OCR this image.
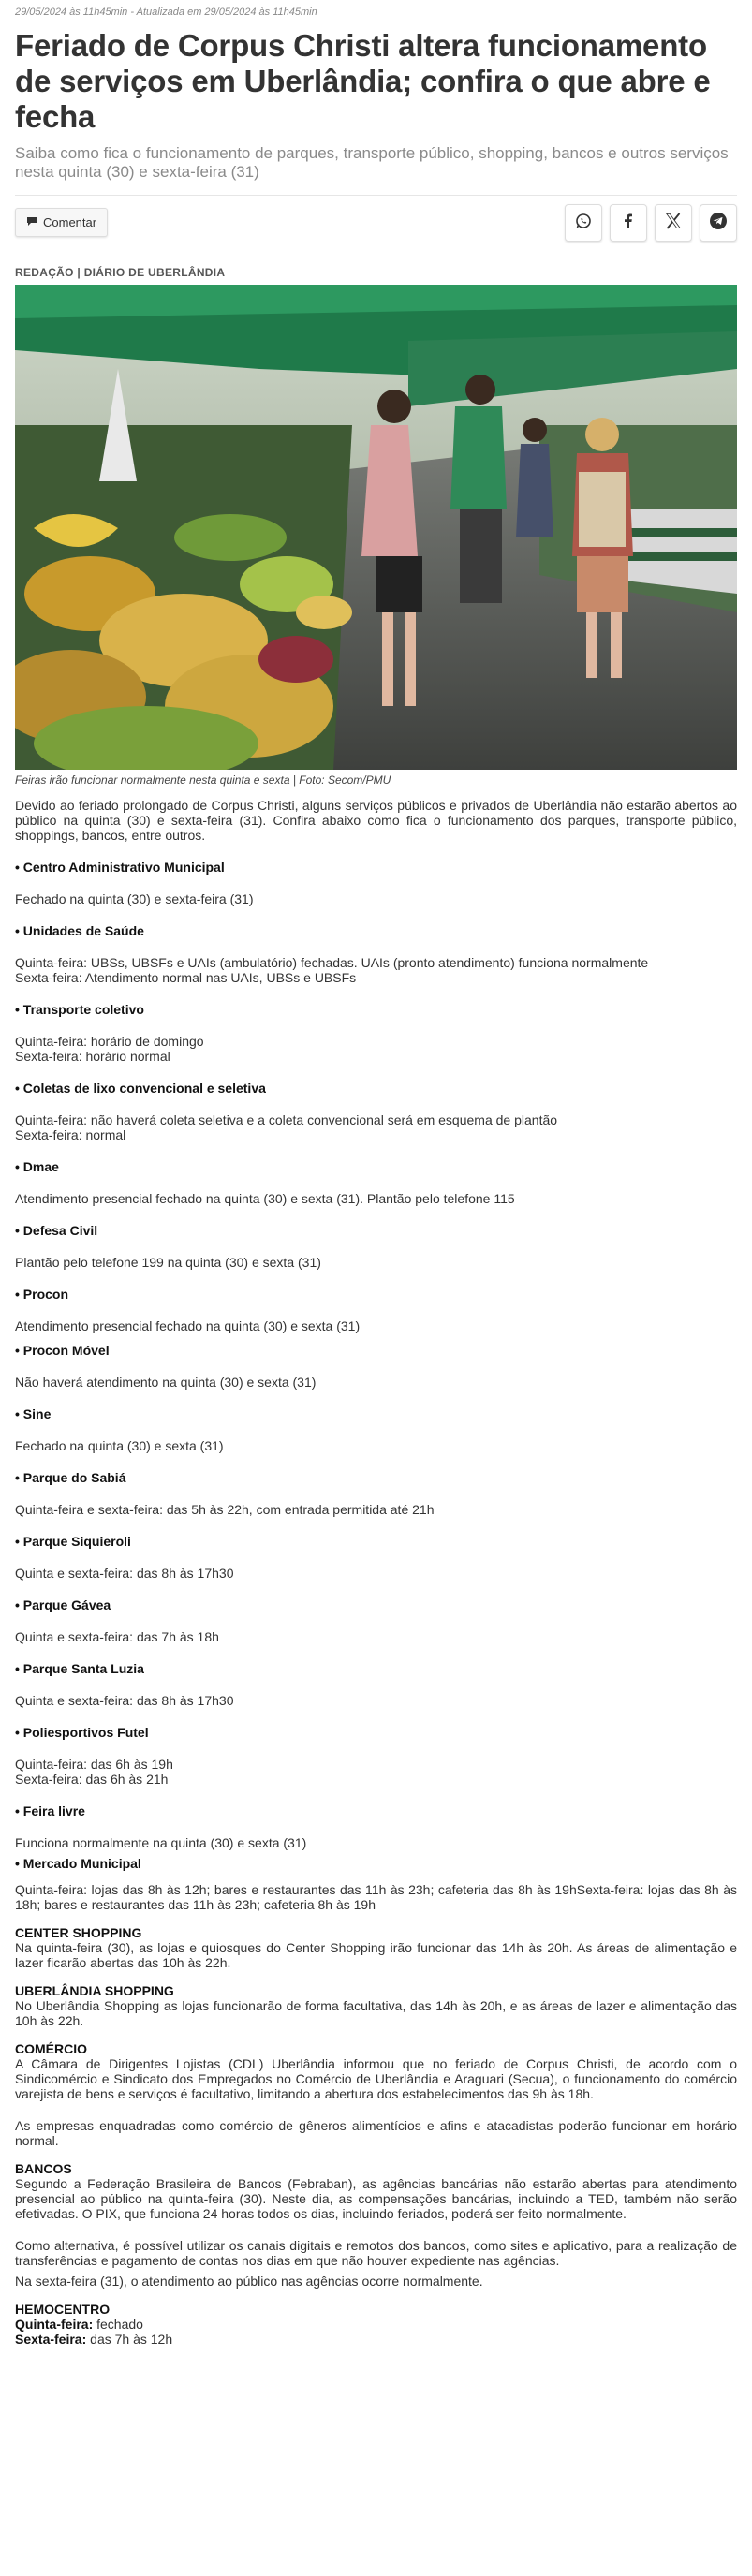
29/05/2024 às 11h45min - Atualizada em 29/05/2024 às 11h45min
Feriado de Corpus Christi altera funcionamento de serviços em Uberlândia; confira o que abre e fecha
Saiba como fica o funcionamento de parques, transporte público, shopping, bancos e outros serviços nesta quinta (30) e sexta-feira (31)
Comentar
REDAÇÃO | DIÁRIO DE UBERLÂNDIA
Feiras irão funcionar normalmente nesta quinta e sexta | Foto: Secom/PMU

Devido ao feriado prolongado de Corpus Christi, alguns serviços públicos e privados de Uberlândia não estarão abertos ao público na quinta (30) e sexta-feira (31). Confira abaixo como fica o funcionamento dos parques, transporte público, shoppings, bancos, entre outros.

• Centro Administrativo Municipal
Fechado na quinta (30) e sexta-feira (31)
• Unidades de Saúde
Quinta-feira: UBSs, UBSFs e UAIs (ambulatório) fechadas. UAIs (pronto atendimento) funciona normalmente
Sexta-feira: Atendimento normal nas UAIs, UBSs e UBSFs
• Transporte coletivo
Quinta-feira: horário de domingo
Sexta-feira: horário normal
• Coletas de lixo convencional e seletiva
Quinta-feira: não haverá coleta seletiva e a coleta convencional será em esquema de plantão
Sexta-feira: normal
• Dmae
Atendimento presencial fechado na quinta (30) e sexta (31). Plantão pelo telefone 115
• Defesa Civil
Plantão pelo telefone 199 na quinta (30) e sexta (31)
• Procon
Atendimento presencial fechado na quinta (30) e sexta (31)
• Procon Móvel
Não haverá atendimento na quinta (30) e sexta (31)
• Sine
Fechado na quinta (30) e sexta (31)
• Parque do Sabiá
Quinta-feira e sexta-feira: das 5h às 22h, com entrada permitida até 21h
• Parque Siquieroli
Quinta e sexta-feira: das 8h às 17h30
• Parque Gávea
Quinta e sexta-feira: das 7h às 18h
• Parque Santa Luzia
Quinta e sexta-feira: das 8h às 17h30
• Poliesportivos Futel
Quinta-feira: das 6h às 19h
Sexta-feira: das 6h às 21h
• Feira livre
Funciona normalmente na quinta (30) e sexta (31)
• Mercado Municipal

Quinta-feira: lojas das 8h às 12h; bares e restaurantes das 11h às 23h; cafeteria das 8h às 19hSexta-feira: lojas das 8h às 18h; bares e restaurantes das 11h às 23h; cafeteria 8h às 19h

CENTER SHOPPING

Na quinta-feira (30), as lojas e quiosques do Center Shopping irão funcionar das 14h às 20h. As áreas de alimentação e lazer ficarão abertas das 10h às 22h.

UBERLÂNDIA SHOPPING

No Uberlândia Shopping as lojas funcionarão de forma facultativa, das 14h às 20h, e as áreas de lazer e alimentação das 10h às 22h.

COMÉRCIO

A Câmara de Dirigentes Lojistas (CDL) Uberlândia informou que no feriado de Corpus Christi, de acordo com o Sindicomércio e Sindicato dos Empregados no Comércio de Uberlândia e Araguari (Secua), o funcionamento do comércio varejista de bens e serviços é facultativo, limitando a abertura dos estabelecimentos das 9h às 18h.

As empresas enquadradas como comércio de gêneros alimentícios e afins e atacadistas poderão funcionar em horário normal.

BANCOS

Segundo a Federação Brasileira de Bancos (Febraban), as agências bancárias não estarão abertas para atendimento presencial ao público na quinta-feira (30). Neste dia, as compensações bancárias, incluindo a TED, também não serão efetivadas. O PIX, que funciona 24 horas todos os dias, incluindo feriados, poderá ser feito normalmente.

Como alternativa, é possível utilizar os canais digitais e remotos dos bancos, como sites e aplicativo, para a realização de transferências e pagamento de contas nos dias em que não houver expediente nas agências.

Na sexta-feira (31), o atendimento ao público nas agências ocorre normalmente.

HEMOCENTRO
Quinta-feira: fechado
Sexta-feira: das 7h às 12h
